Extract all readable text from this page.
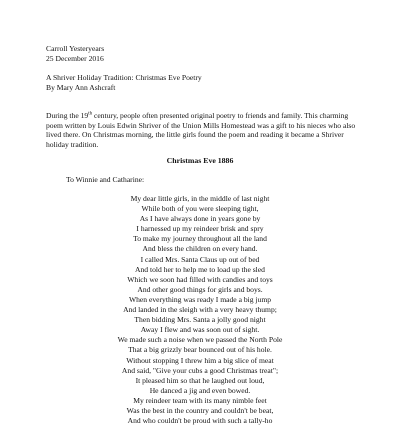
Carroll Yesteryears
25 December 2016
A Shriver Holiday Tradition: Christmas Eve Poetry
By Mary Ann Ashcraft
During the 19th century, people often presented original poetry to friends and family. This charming poem written by Louis Edwin Shriver of the Union Mills Homestead was a gift to his nieces who also lived there. On Christmas morning, the little girls found the poem and reading it became a Shriver holiday tradition.
Christmas Eve 1886
To Winnie and Catharine:
My dear little girls, in the middle of last night
While both of you were sleeping tight,
As I have always done in years gone by
I harnessed up my reindeer brisk and spry
To make my journey throughout all the land
And bless the children on every hand.
I called Mrs. Santa Claus up out of bed
And told her to help me to load up the sled
Which we soon had filled with candies and toys
And other good things for girls and boys.
When everything was ready I made a big jump
And landed in the sleigh with a very heavy thump;
Then bidding Mrs. Santa a jolly good night
Away I flew and was soon out of sight.
We made such a noise when we passed the North Pole
That a big grizzly bear bounced out of his hole.
Without stopping I threw him a big slice of meat
And said, "Give your cubs a good Christmas treat";
It pleased him so that he laughed out loud,
He danced a jig and even bowed.
My reindeer team with its many nimble feet
Was the best in the country and couldn't be beat,
And who couldn't be proud with such a tally-ho
